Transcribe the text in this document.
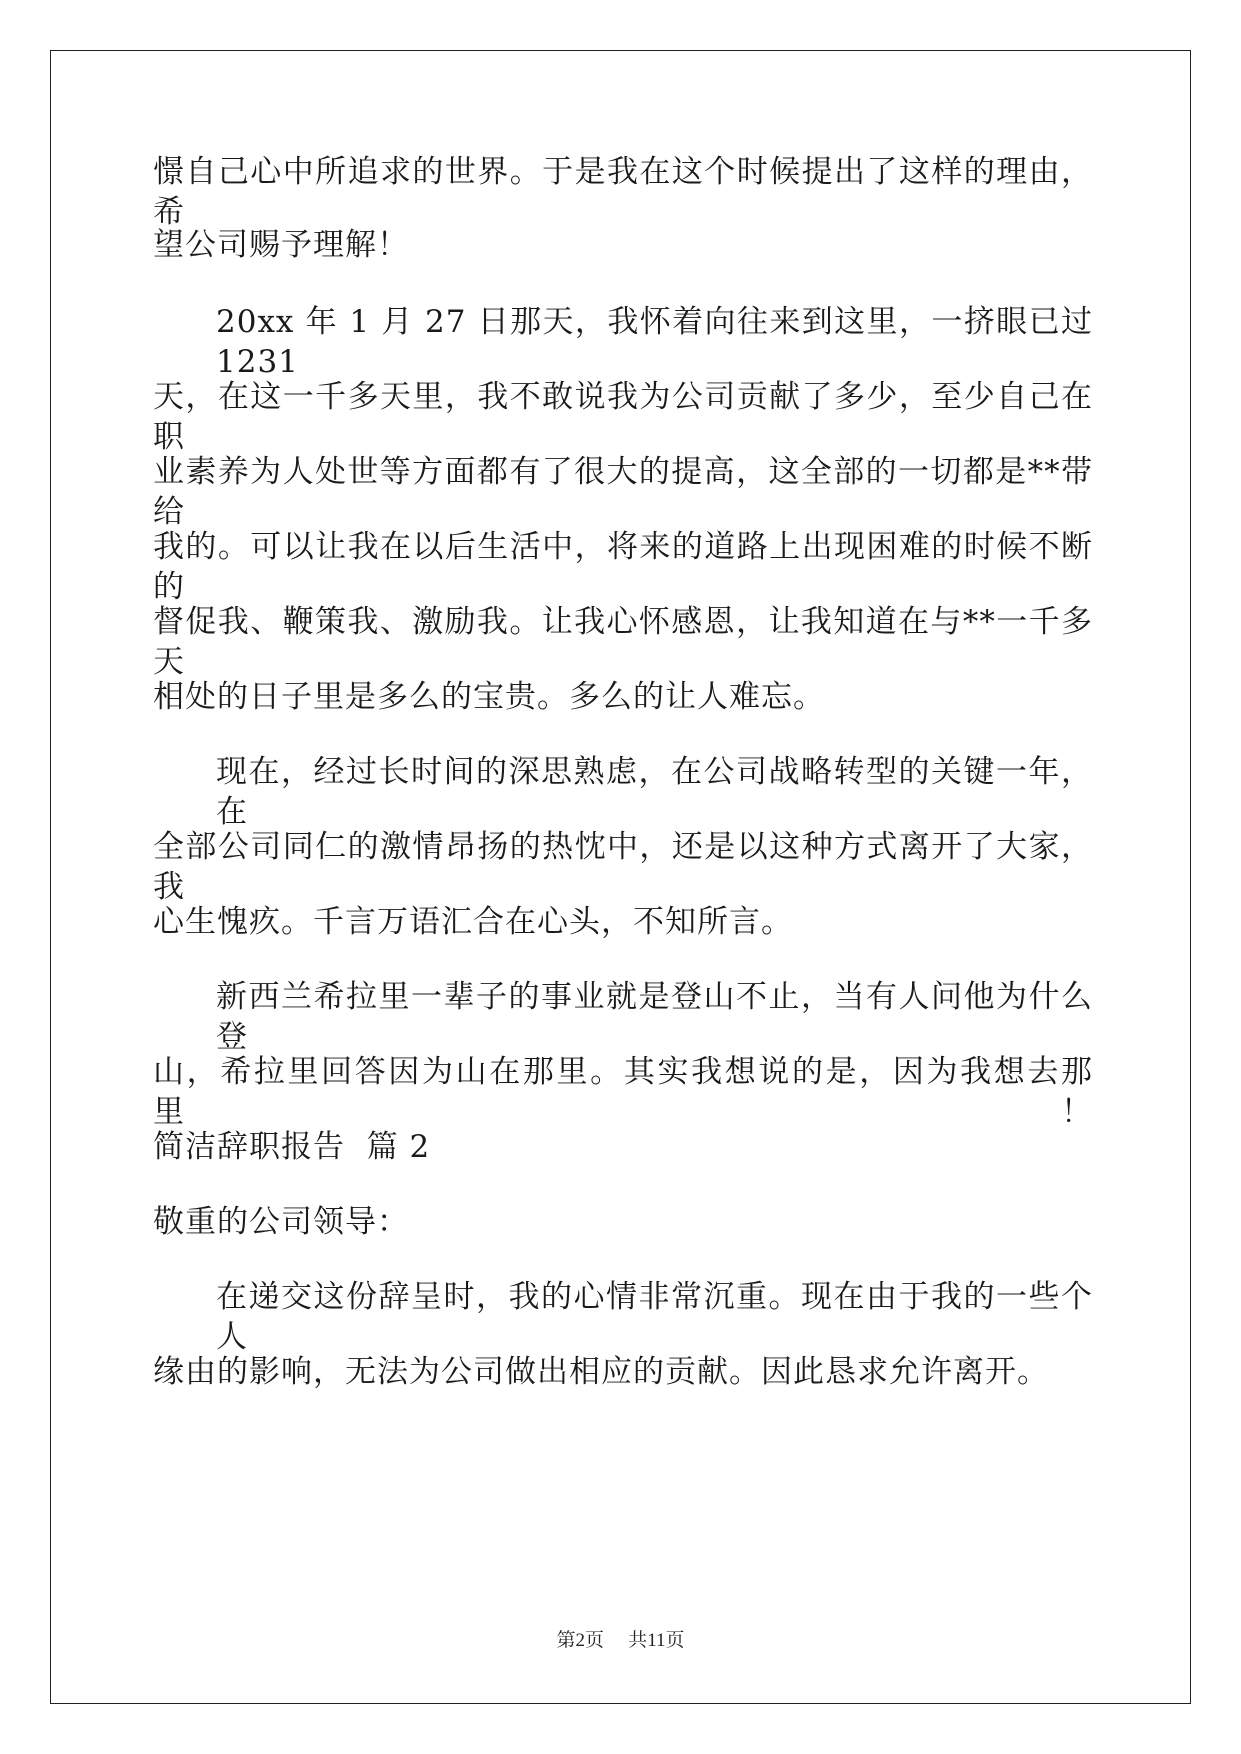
憬自己心中所追求的世界。于是我在这个时候提出了这样的理由，希
望公司赐予理解！
20xx 年 1 月 27 日那天，我怀着向往来到这里，一挤眼已过 1231
天，在这一千多天里，我不敢说我为公司贡献了多少，至少自己在职
业素养为人处世等方面都有了很大的提高，这全部的一切都是**带给
我的。可以让我在以后生活中，将来的道路上出现困难的时候不断的
督促我、鞭策我、激励我。让我心怀感恩，让我知道在与**一千多天
相处的日子里是多么的宝贵。多么的让人难忘。
现在，经过长时间的深思熟虑，在公司战略转型的关键一年，在
全部公司同仁的激情昂扬的热忱中，还是以这种方式离开了大家，我
心生愧疚。千言万语汇合在心头，不知所言。
新西兰希拉里一辈子的事业就是登山不止，当有人问他为什么登
山，希拉里回答因为山在那里。其实我想说的是，因为我想去那里！
简洁辞职报告  篇 2
敬重的公司领导：
在递交这份辞呈时，我的心情非常沉重。现在由于我的一些个人
缘由的影响，无法为公司做出相应的贡献。因此恳求允许离开。
第2页    共11页
